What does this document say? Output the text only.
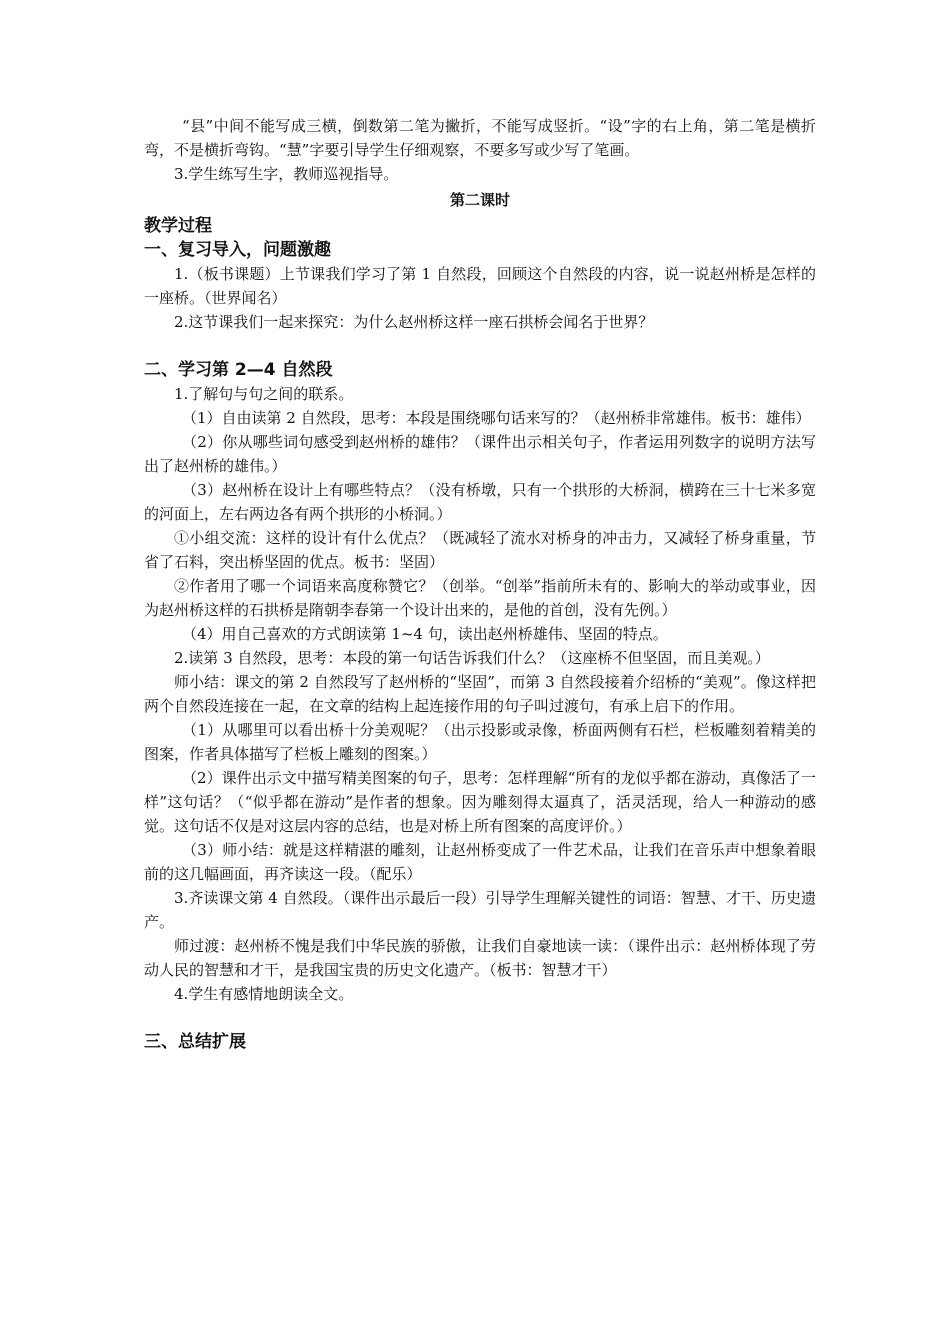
“县”中间不能写成三横，倒数第二笔为撇折，不能写成竖折。“设”字的右上角，第二笔是横折弯，不是横折弯钩。“慧”字要引导学生仔细观察，不要多写或少写了笔画。

3.学生练写生字，教师巡视指导。

第二课时

教学过程

一、复习导入，问题激趣

1.（板书课题）上节课我们学习了第 1 自然段，回顾这个自然段的内容，说一说赵州桥是怎样的一座桥。（世界闻名）

2.这节课我们一起来探究：为什么赵州桥这样一座石拱桥会闻名于世界？

二、学习第 2—4 自然段

1.了解句与句之间的联系。

（1）自由读第 2 自然段，思考：本段是围绕哪句话来写的？（赵州桥非常雄伟。板书：雄伟）

（2）你从哪些词句感受到赵州桥的雄伟？（课件出示相关句子，作者运用列数字的说明方法写出了赵州桥的雄伟。）

（3）赵州桥在设计上有哪些特点？（没有桥墩，只有一个拱形的大桥洞，横跨在三十七米多宽的河面上，左右两边各有两个拱形的小桥洞。）

①小组交流：这样的设计有什么优点？（既减轻了流水对桥身的冲击力，又减轻了桥身重量，节省了石料，突出桥坚固的优点。板书：坚固）

②作者用了哪一个词语来高度称赞它？（创举。“创举”指前所未有的、影响大的举动或事业，因为赵州桥这样的石拱桥是隋朝李春第一个设计出来的，是他的首创，没有先例。）

（4）用自己喜欢的方式朗读第 1~4 句，读出赵州桥雄伟、坚固的特点。

2.读第 3 自然段，思考：本段的第一句话告诉我们什么？（这座桥不但坚固，而且美观。）

师小结：课文的第 2 自然段写了赵州桥的“坚固”，而第 3 自然段接着介绍桥的“美观”。像这样把两个自然段连接在一起，在文章的结构上起连接作用的句子叫过渡句，有承上启下的作用。

（1）从哪里可以看出桥十分美观呢？（出示投影或录像，桥面两侧有石栏，栏板雕刻着精美的图案，作者具体描写了栏板上雕刻的图案。）

（2）课件出示文中描写精美图案的句子，思考：怎样理解“所有的龙似乎都在游动，真像活了一样”这句话？（“似乎都在游动”是作者的想象。因为雕刻得太逼真了，活灵活现，给人一种游动的感觉。这句话不仅是对这层内容的总结，也是对桥上所有图案的高度评价。）

（3）师小结：就是这样精湛的雕刻，让赵州桥变成了一件艺术品，让我们在音乐声中想象着眼前的这几幅画面，再齐读这一段。（配乐）

3.齐读课文第 4 自然段。（课件出示最后一段）引导学生理解关键性的词语：智慧、才干、历史遗产。

师过渡：赵州桥不愧是我们中华民族的骄傲，让我们自豪地读一读：（课件出示：赵州桥体现了劳动人民的智慧和才干，是我国宝贵的历史文化遗产。（板书：智慧才干）

4.学生有感情地朗读全文。

三、总结扩展
